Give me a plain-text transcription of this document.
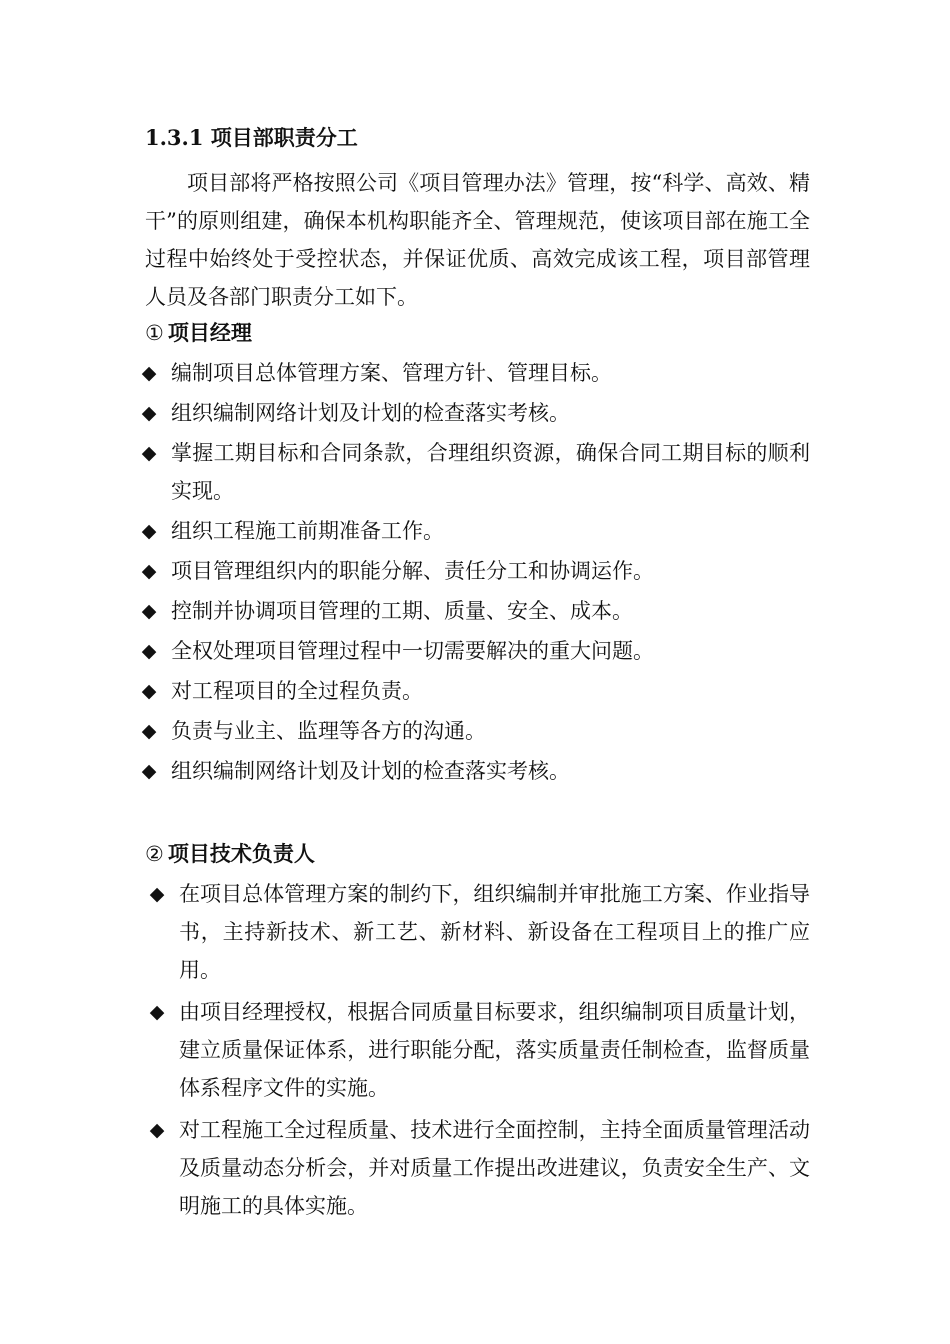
1.3.1 项目部职责分工

项目部将严格按照公司《项目管理办法》管理，按“科学、高效、精干”的原则组建，确保本机构职能齐全、管理规范，使该项目部在施工全过程中始终处于受控状态，并保证优质、高效完成该工程，项目部管理人员及各部门职责分工如下。

① 项目经理
◆ 编制项目总体管理方案、管理方针、管理目标。
◆ 组织编制网络计划及计划的检查落实考核。
◆ 掌握工期目标和合同条款，合理组织资源，确保合同工期目标的顺利实现。
◆ 组织工程施工前期准备工作。
◆ 项目管理组织内的职能分解、责任分工和协调运作。
◆ 控制并协调项目管理的工期、质量、安全、成本。
◆ 全权处理项目管理过程中一切需要解决的重大问题。
◆ 对工程项目的全过程负责。
◆ 负责与业主、监理等各方的沟通。
◆ 组织编制网络计划及计划的检查落实考核。
② 项目技术负责人
◆ 在项目总体管理方案的制约下，组织编制并审批施工方案、作业指导书，主持新技术、新工艺、新材料、新设备在工程项目上的推广应用。
◆ 由项目经理授权，根据合同质量目标要求，组织编制项目质量计划，建立质量保证体系，进行职能分配，落实质量责任制检查，监督质量体系程序文件的实施。
◆ 对工程施工全过程质量、技术进行全面控制，主持全面质量管理活动及质量动态分析会，并对质量工作提出改进建议，负责安全生产、文明施工的具体实施。
